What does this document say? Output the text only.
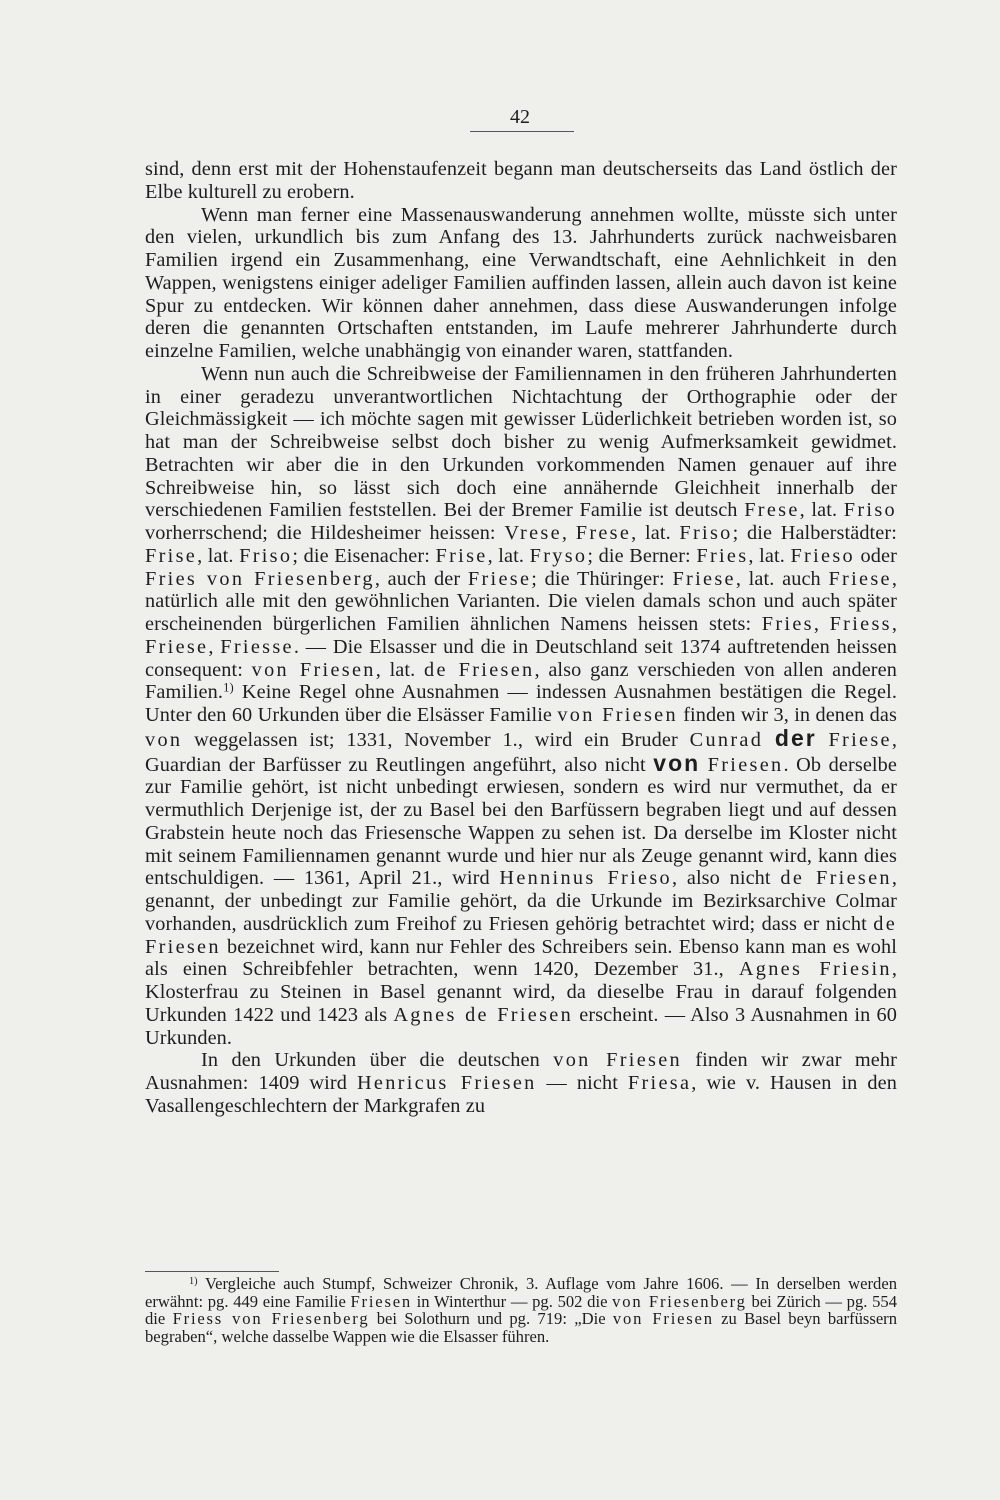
42

sind, denn erst mit der Hohenstaufenzeit begann man deutscherseits das Land östlich der Elbe kulturell zu erobern.

Wenn man ferner eine Massenauswanderung annehmen wollte, müsste sich unter den vielen, urkundlich bis zum Anfang des 13. Jahrhunderts zurück nachweisbaren Familien irgend ein Zusammenhang, eine Verwandtschaft, eine Aehnlichkeit in den Wappen, wenigstens einiger adeliger Familien auffinden lassen, allein auch davon ist keine Spur zu entdecken. Wir können daher annehmen, dass diese Auswanderungen infolge deren die genannten Ortschaften entstanden, im Laufe mehrerer Jahrhunderte durch einzelne Familien, welche unabhängig von einander waren, stattfanden.

Wenn nun auch die Schreibweise der Familiennamen in den früheren Jahrhunderten in einer geradezu unverantwortlichen Nichtachtung der Orthographie oder der Gleichmässigkeit — ich möchte sagen mit gewisser Lüderlichkeit betrieben worden ist, so hat man der Schreibweise selbst doch bisher zu wenig Aufmerksamkeit gewidmet. Betrachten wir aber die in den Urkunden vorkommenden Namen genauer auf ihre Schreibweise hin, so lässt sich doch eine annähernde Gleichheit innerhalb der verschiedenen Familien feststellen. Bei der Bremer Familie ist deutsch Frese, lat. Friso vorherrschend; die Hildesheimer heissen: Vrese, Frese, lat. Friso; die Halberstädter: Frise, lat. Friso; die Eisenacher: Frise, lat. Fryso; die Berner: Fries, lat. Frieso oder Fries von Friesenberg, auch der Friese; die Thüringer: Friese, lat. auch Friese, natürlich alle mit den gewöhnlichen Varianten. Die vielen damals schon und auch später erscheinenden bürgerlichen Familien ähnlichen Namens heissen stets: Fries, Friess, Friese, Friesse. — Die Elsasser und die in Deutschland seit 1374 auftretenden heissen consequent: von Friesen, lat. de Friesen, also ganz verschieden von allen anderen Familien.$^{1)}$ Keine Regel ohne Ausnahmen — indessen Ausnahmen bestätigen die Regel. Unter den 60 Urkunden über die Elsässer Familie von Friesen finden wir 3, in denen das von weggelassen ist; 1331, November 1., wird ein Bruder Cunrad der Friese, Guardian der Barfüsser zu Reutlingen angeführt, also nicht von Friesen. Ob derselbe zur Familie gehört, ist nicht unbedingt erwiesen, sondern es wird nur vermuthet, da er vermuthlich Derjenige ist, der zu Basel bei den Barfüssern begraben liegt und auf dessen Grabstein heute noch das Friesensche Wappen zu sehen ist. Da derselbe im Kloster nicht mit seinem Familiennamen genannt wurde und hier nur als Zeuge genannt wird, kann dies entschuldigen. — 1361, April 21., wird Henninus Frieso, also nicht de Friesen, genannt, der unbedingt zur Familie gehört, da die Urkunde im Bezirksarchive Colmar vorhanden, ausdrücklich zum Freihof zu Friesen gehörig betrachtet wird; dass er nicht de Friesen bezeichnet wird, kann nur Fehler des Schreibers sein. Ebenso kann man es wohl als einen Schreibfehler betrachten, wenn 1420, Dezember 31., Agnes Friesin, Klosterfrau zu Steinen in Basel genannt wird, da dieselbe Frau in darauf folgenden Urkunden 1422 und 1423 als Agnes de Friesen erscheint. — Also 3 Ausnahmen in 60 Urkunden.

In den Urkunden über die deutschen von Friesen finden wir zwar mehr Ausnahmen: 1409 wird Henricus Friesen — nicht Friesa, wie v. Hausen in den Vasallengeschlechtern der Markgrafen zu

$^{1)}$ Vergleiche auch Stumpf, Schweizer Chronik, 3. Auflage vom Jahre 1606. — In derselben werden erwähnt: pg. 449 eine Familie Friesen in Winterthur — pg. 502 die von Friesenberg bei Zürich — pg. 554 die Friess von Friesenberg bei Solothurn und pg. 719: „Die von Friesen zu Basel beyn barfüssern begraben“, welche dasselbe Wappen wie die Elsasser führen.
